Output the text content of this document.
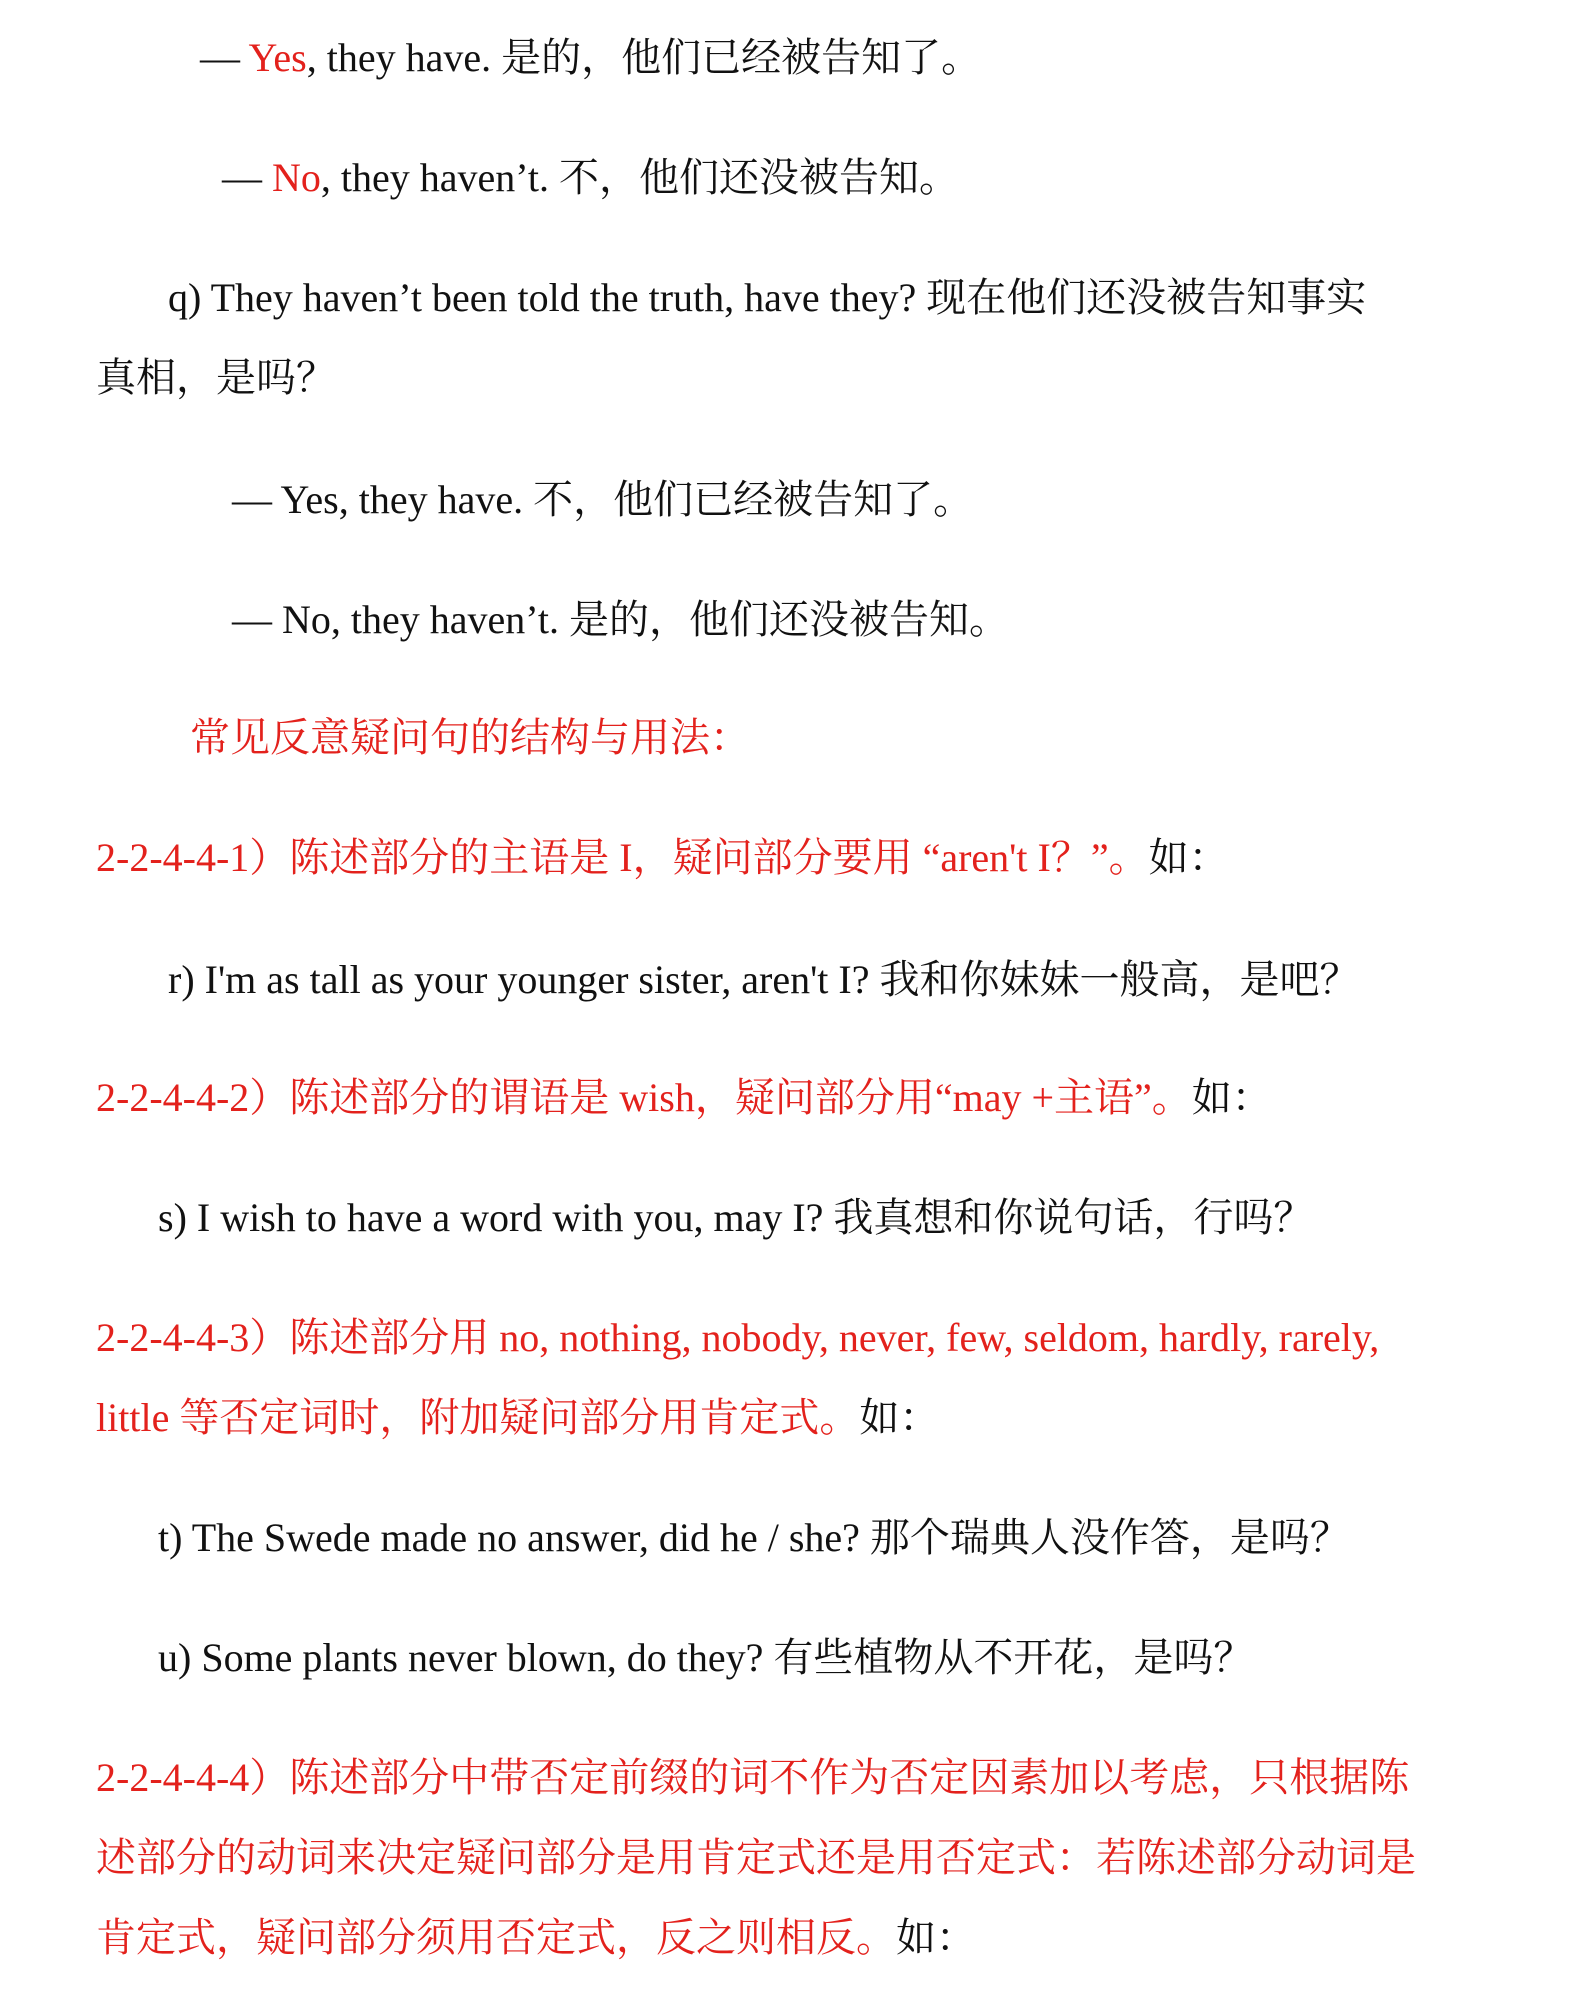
— Yes, they have. 是的，他们已经被告知了。
— No, they haven’t. 不，他们还没被告知。
q) They haven’t been told the truth, have they? 现在他们还没被告知事实
真相，是吗？
— Yes, they have. 不，他们已经被告知了。
— No, they haven’t. 是的，他们还没被告知。
常见反意疑问句的结构与用法：
2-2-4-4-1）陈述部分的主语是 I，疑问部分要用 “aren't I？”。如：
r) I'm as tall as your younger sister, aren't I? 我和你妹妹一般高，是吧？
2-2-4-4-2）陈述部分的谓语是 wish，疑问部分用“may +主语”。如：
s) I wish to have a word with you, may I? 我真想和你说句话，行吗？
2-2-4-4-3）陈述部分用 no, nothing, nobody, never, few, seldom, hardly, rarely,
little 等否定词时，附加疑问部分用肯定式。如：
t) The Swede made no answer, did he / she? 那个瑞典人没作答，是吗？
u) Some plants never blown, do they? 有些植物从不开花，是吗？
2-2-4-4-4）陈述部分中带否定前缀的词不作为否定因素加以考虑，只根据陈
述部分的动词来决定疑问部分是用肯定式还是用否定式：若陈述部分动词是
肯定式，疑问部分须用否定式，反之则相反。如：
